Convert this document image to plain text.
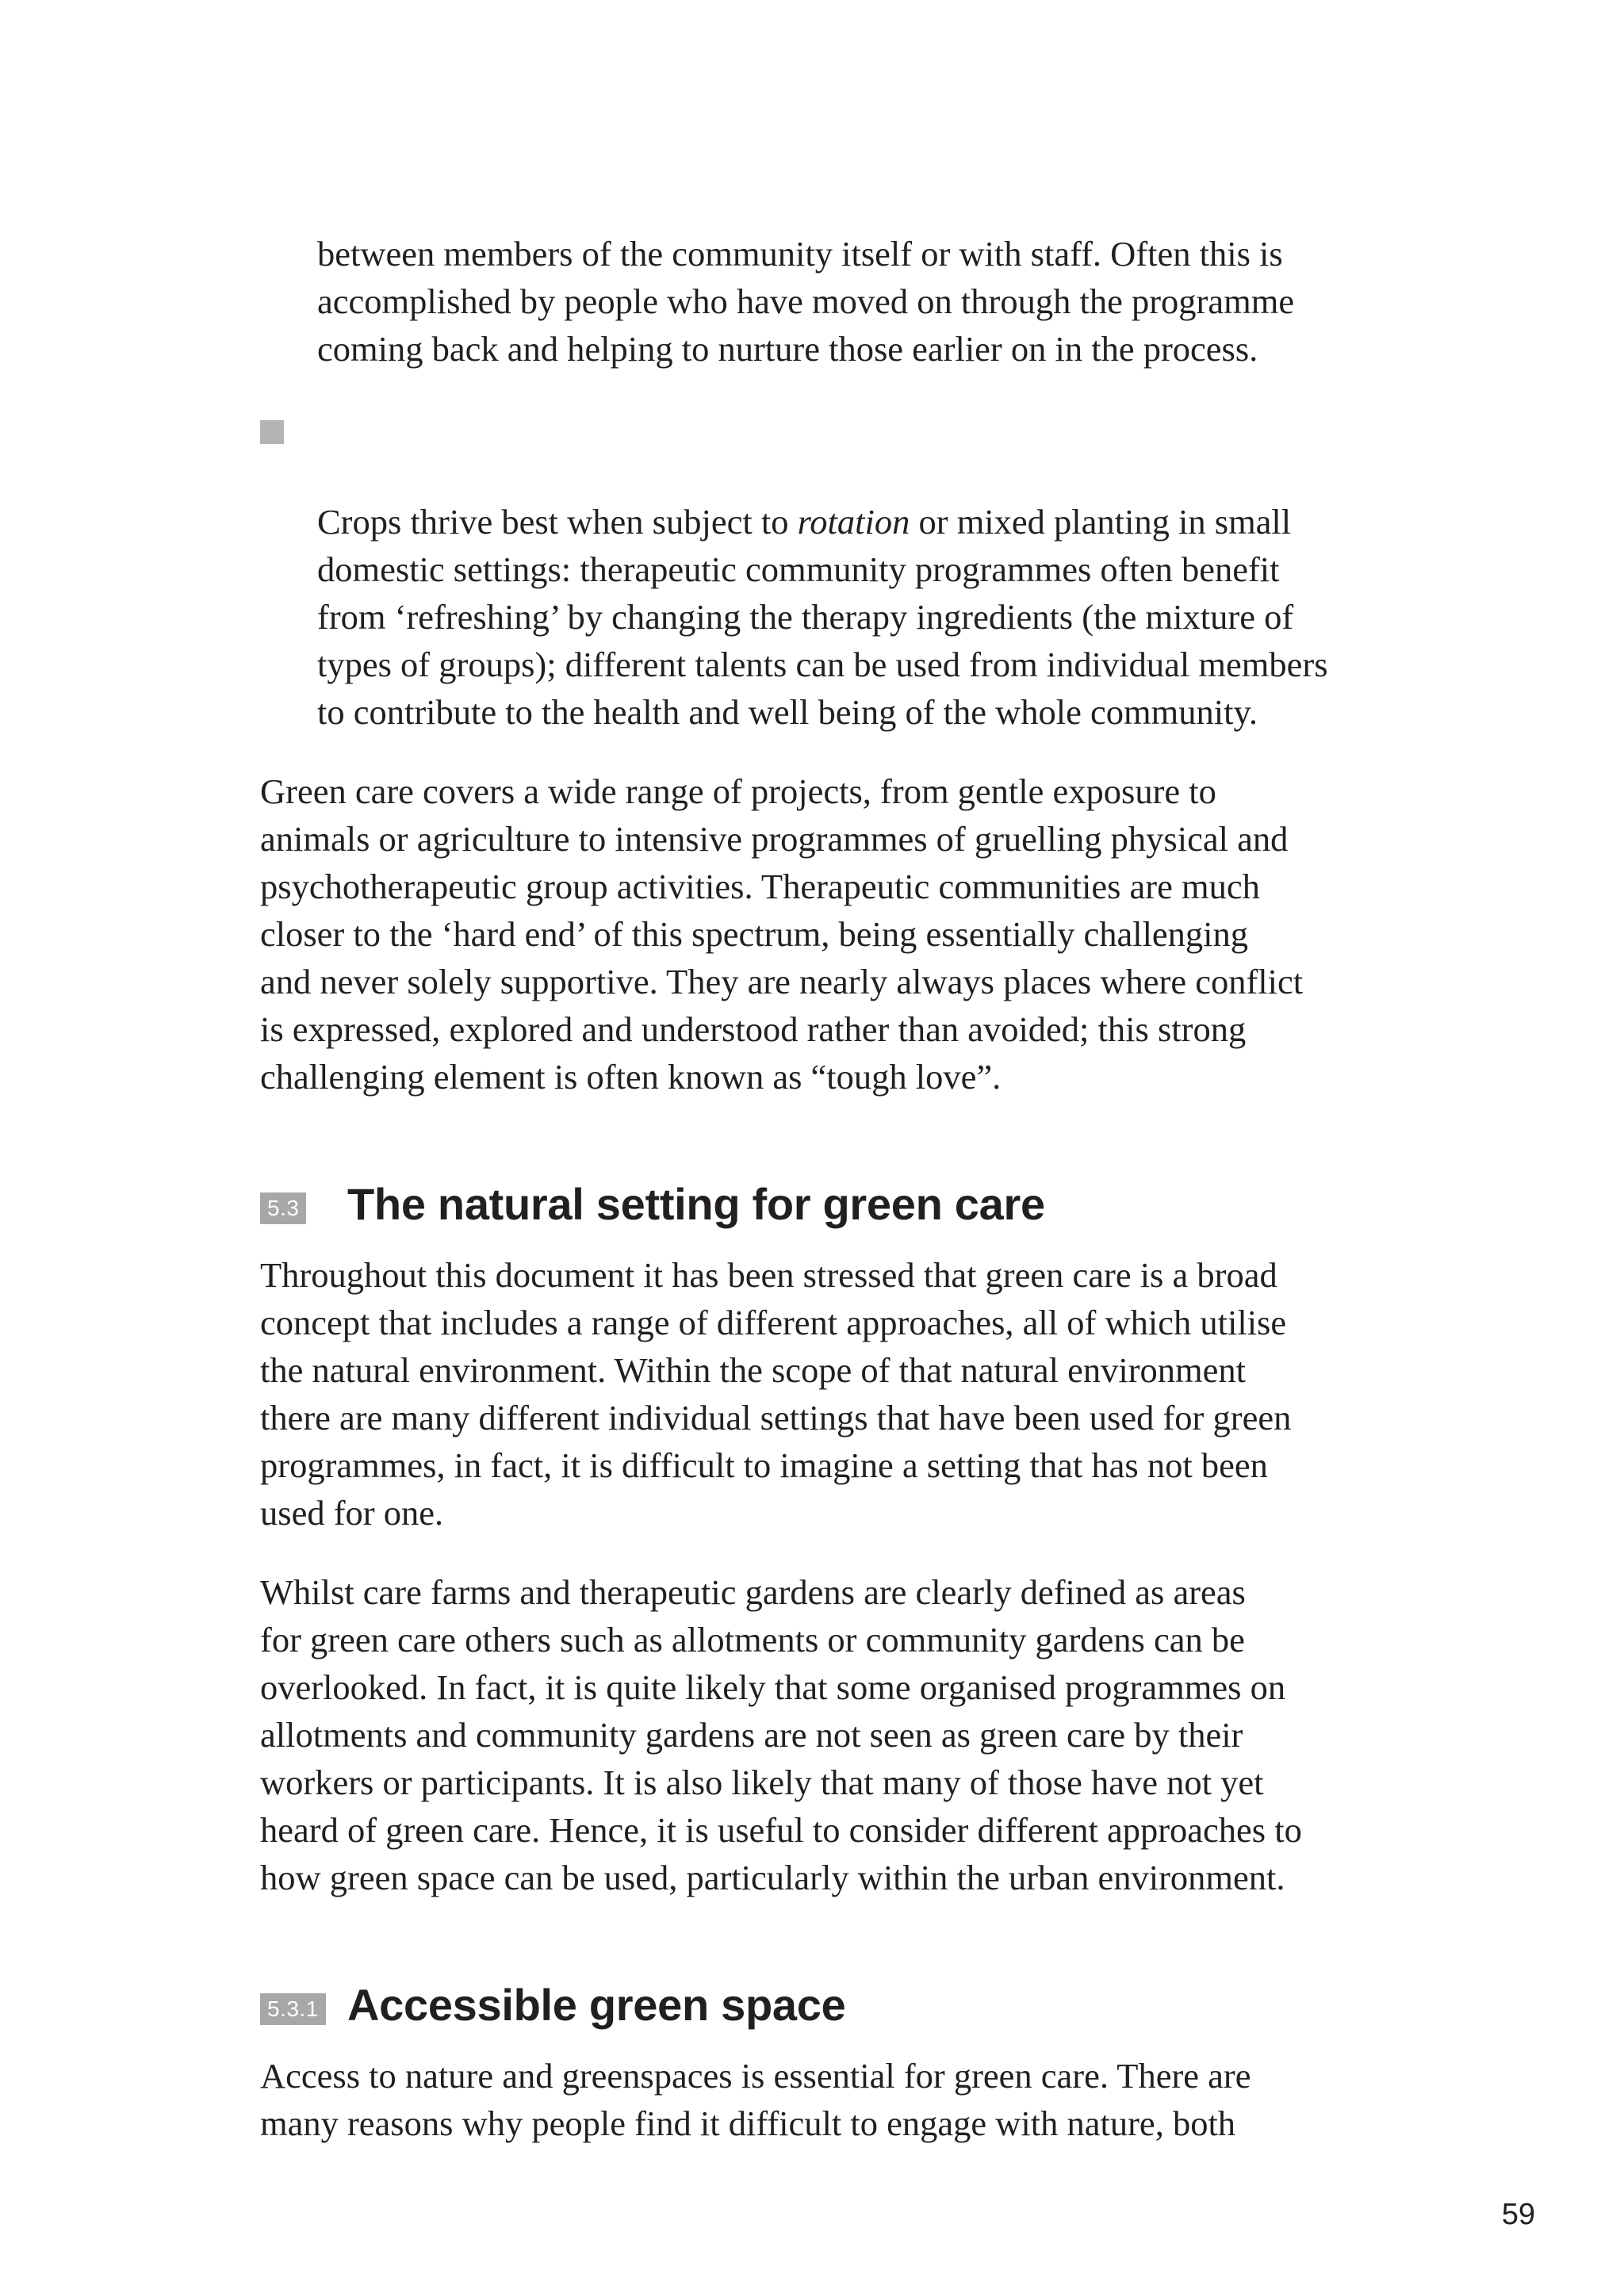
between members of the community itself or with staff. Often this is
accomplished by people who have moved on through the programme
coming back and helping to nurture those earlier on in the process.

Crops thrive best when subject to rotation or mixed planting in small
domestic settings: therapeutic community programmes often benefit
from ‘refreshing’ by changing the therapy ingredients (the mixture of
types of groups); different talents can be used from individual members
to contribute to the health and well being of the whole community.

Green care covers a wide range of projects, from gentle exposure to
animals or agriculture to intensive programmes of gruelling physical and
psychotherapeutic group activities. Therapeutic communities are much
closer to the ‘hard end’ of this spectrum, being essentially challenging
and never solely supportive. They are nearly always places where conflict
is expressed, explored and understood rather than avoided; this strong
challenging element is often known as “tough love”.
5.3 The natural setting for green care
Throughout this document it has been stressed that green care is a broad
concept that includes a range of different approaches, all of which utilise
the natural environment. Within the scope of that natural environment
there are many different individual settings that have been used for green
programmes, in fact, it is difficult to imagine a setting that has not been
used for one.
Whilst care farms and therapeutic gardens are clearly defined as areas
for green care others such as allotments or community gardens can be
overlooked. In fact, it is quite likely that some organised programmes on
allotments and community gardens are not seen as green care by their
workers or participants. It is also likely that many of those have not yet
heard of green care. Hence, it is useful to consider different approaches to
how green space can be used, particularly within the urban environment.
5.3.1 Accessible green space
Access to nature and greenspaces is essential for green care. There are
many reasons why people find it difficult to engage with nature, both
59
